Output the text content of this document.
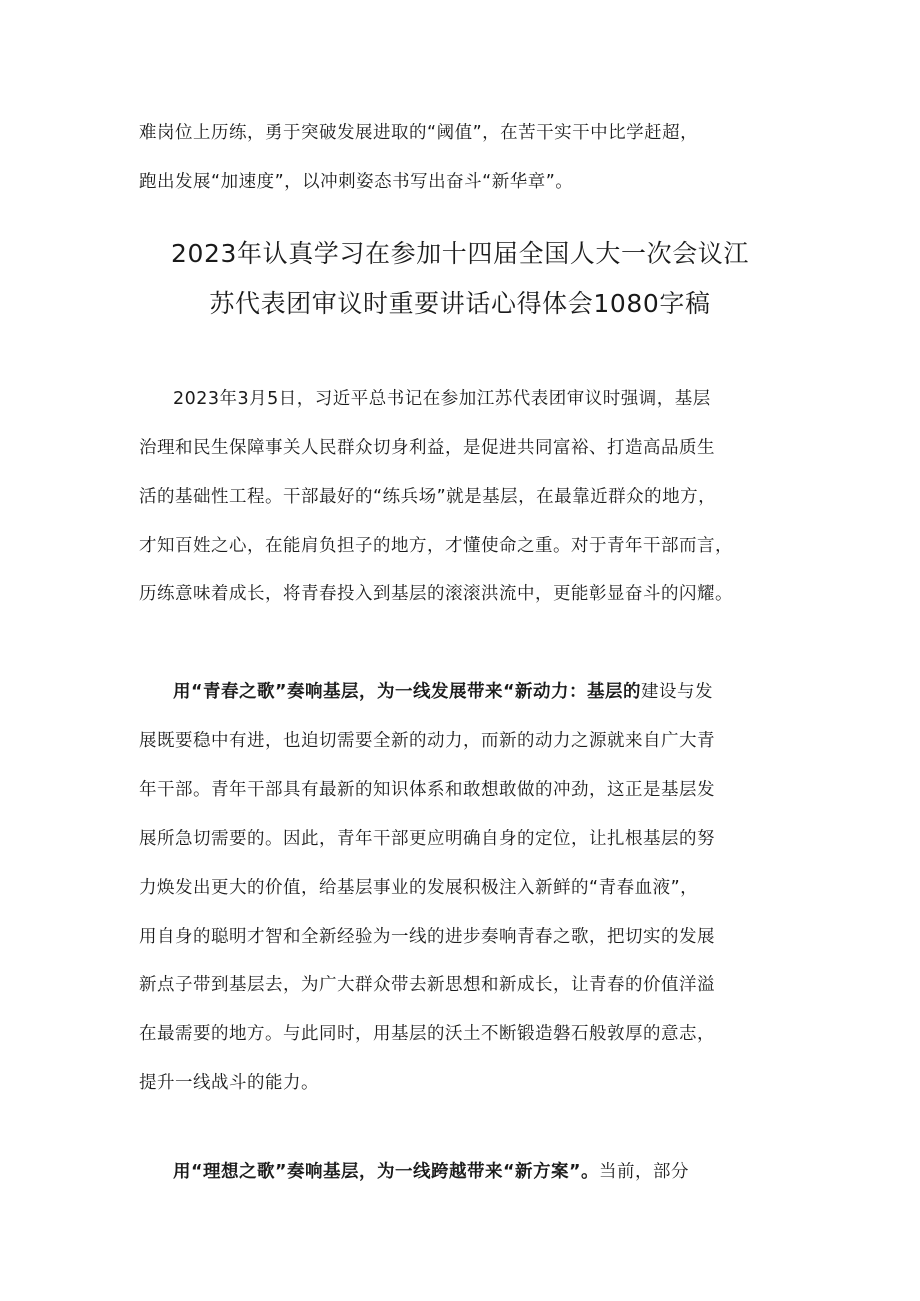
难岗位上历练，勇于突破发展进取的“阈值”，在苦干实干中比学赶超，
跑出发展“加速度”，以冲刺姿态书写出奋斗“新华章”。
2023年认真学习在参加十四届全国人大一次会议江
苏代表团审议时重要讲话心得体会1080字稿
2023年3月5日，习近平总书记在参加江苏代表团审议时强调，基层
治理和民生保障事关人民群众切身利益，是促进共同富裕、打造高品质生
活的基础性工程。干部最好的“练兵场”就是基层，在最靠近群众的地方，
才知百姓之心，在能肩负担子的地方，才懂使命之重。对于青年干部而言，
历练意味着成长，将青春投入到基层的滚滚洪流中，更能彰显奋斗的闪耀。
用“青春之歌”奏响基层，为一线发展带来“新动力：基层的建设与发
展既要稳中有进，也迫切需要全新的动力，而新的动力之源就来自广大青
年干部。青年干部具有最新的知识体系和敢想敢做的冲劲，这正是基层发
展所急切需要的。因此，青年干部更应明确自身的定位，让扎根基层的努
力焕发出更大的价值，给基层事业的发展积极注入新鲜的“青春血液”，
用自身的聪明才智和全新经验为一线的进步奏响青春之歌，把切实的发展
新点子带到基层去，为广大群众带去新思想和新成长，让青春的价值洋溢
在最需要的地方。与此同时，用基层的沃土不断锻造磐石般敦厚的意志，
提升一线战斗的能力。
用“理想之歌”奏响基层，为一线跨越带来“新方案”。当前，部分
